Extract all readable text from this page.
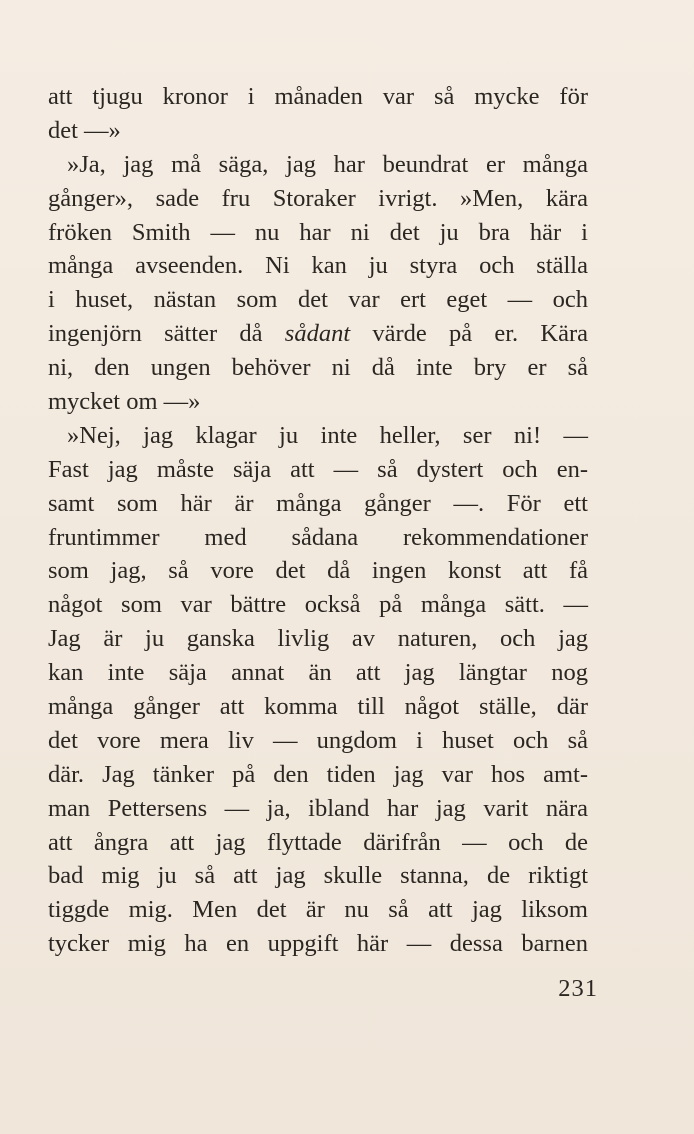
att tjugu kronor i månaden var så mycke för
det —»
»Ja, jag må säga, jag har beundrat er många
gånger», sade fru Storaker ivrigt. »Men, kära
fröken Smith — nu har ni det ju bra här i
många avseenden. Ni kan ju styra och ställa
i huset, nästan som det var ert eget — och
ingenjörn sätter då sådant värde på er. Kära
ni, den ungen behöver ni då inte bry er så
mycket om —»
»Nej, jag klagar ju inte heller, ser ni! —
Fast jag måste säja att — så dystert och en-
samt som här är många gånger —. För ett
fruntimmer med sådana rekommendationer
som jag, så vore det då ingen konst att få
något som var bättre också på många sätt. —
Jag är ju ganska livlig av naturen, och jag
kan inte säja annat än att jag längtar nog
många gånger att komma till något ställe, där
det vore mera liv — ungdom i huset och så
där. Jag tänker på den tiden jag var hos amt-
man Pettersens — ja, ibland har jag varit nära
att ångra att jag flyttade därifrån — och de
bad mig ju så att jag skulle stanna, de riktigt
tiggde mig. Men det är nu så att jag liksom
tycker mig ha en uppgift här — dessa barnen
231
